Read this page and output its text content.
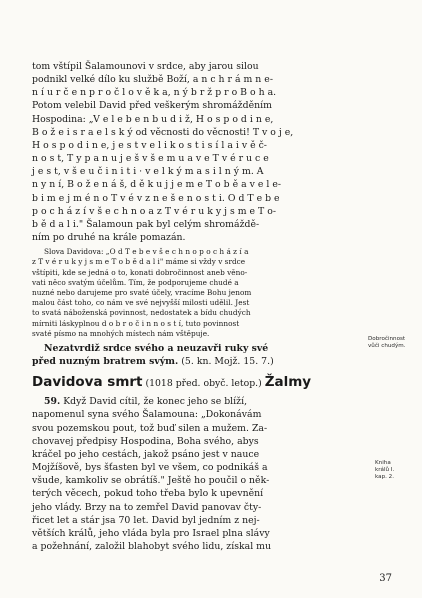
tom vštípil Šalamounovi v srdce, aby jarou silou
podnikl velké dílo ku službě Boží, a n c h r á m n e-
n í u r č e n p r o č l o v ě k a, n ý b r ž p r o B o h a.
Potom velebil David před veškerým shromážděním
Hospodina: „V e l e b e n b u d i ž, H o s p o d i n e,
B o ž e i s r a e l s k ý od věcnosti do věcnosti! T v o j e,
H o s p o d i n e, j e s t v e l i k o s t i s í l a i v ě č-
n o s t, T y p a n u j e š v š e m u a v e T v é r u c e
j e s t, v š e u č i n i t i · v e l k ý m a s i l n ý m. A
n y n í, B o ž e n á š, d ě k u j j e m e T o b ě a v e l e-
b i m e j m é n o T v é v z n e š e n o s t i. O d T e b e
p o c h á z í v š e c h n o a z T v é r u k y j s m e T o-
b ě d a l i." Šalamoun pak byl celým shromáždě-
ním po druhé na krále pomazán.

Slova Davidova: „O d T e b e v š e c h n o p o c h á z í a
z T v é r u k y j s m e T o b ě d a l i" máme si vždy v srdce
vštípiti, kde se jedná o to, konati dobročinnost aneb věno-
vati něco svatým účelům. Tím, že podporujeme chudé a
nuzné nebo darujeme pro svaté účely, vracíme Bohu jenom
malou část toho, co nám ve své nejvyšší milosti udělil. Jest
to svatá náboženská povinnost, nedostatek a bídu chudých
mírniti láskyplnou d o b r o č i n n o s t í, tuto povinnost
svaté písmo na mnohých místech nám vštěpuje.

Nezatvrdiž srdce svého a neuzavři ruky své
před nuzným bratrem svým. (5. kn. Mojž. 15. 7.)

Davidova smrt (1018 před. obyč. letop.) Žalmy

59. Když David cítil, že konec jeho se blíží,
napomenul syna svého Šalamouna: „Dokonávám
svou pozemskou pout, tož buď silen a mužem. Za-
chovavej předpisy Hospodina, Boha svého, abys
kráčel po jeho cestách, jakož psáno jest v nauce
Mojžíšově, bys šťasten byl ve všem, co podnikáš a
všude, kamkoliv se obrátíš." Ještě ho poučil o něk-
terých věcech, pokud toho třeba bylo k upevnění
jeho vlády. Brzy na to zemřel David panovav čty-
řicet let a stár jsa 70 let. David byl jedním z nej-
větších králů, jeho vláda byla pro Israel plna slávy
a požehnání, založil blahobyt svého lidu, získal mu

Dobročinnost
vůči chudým.
Kniha
králů I.
kap. 2.
37
